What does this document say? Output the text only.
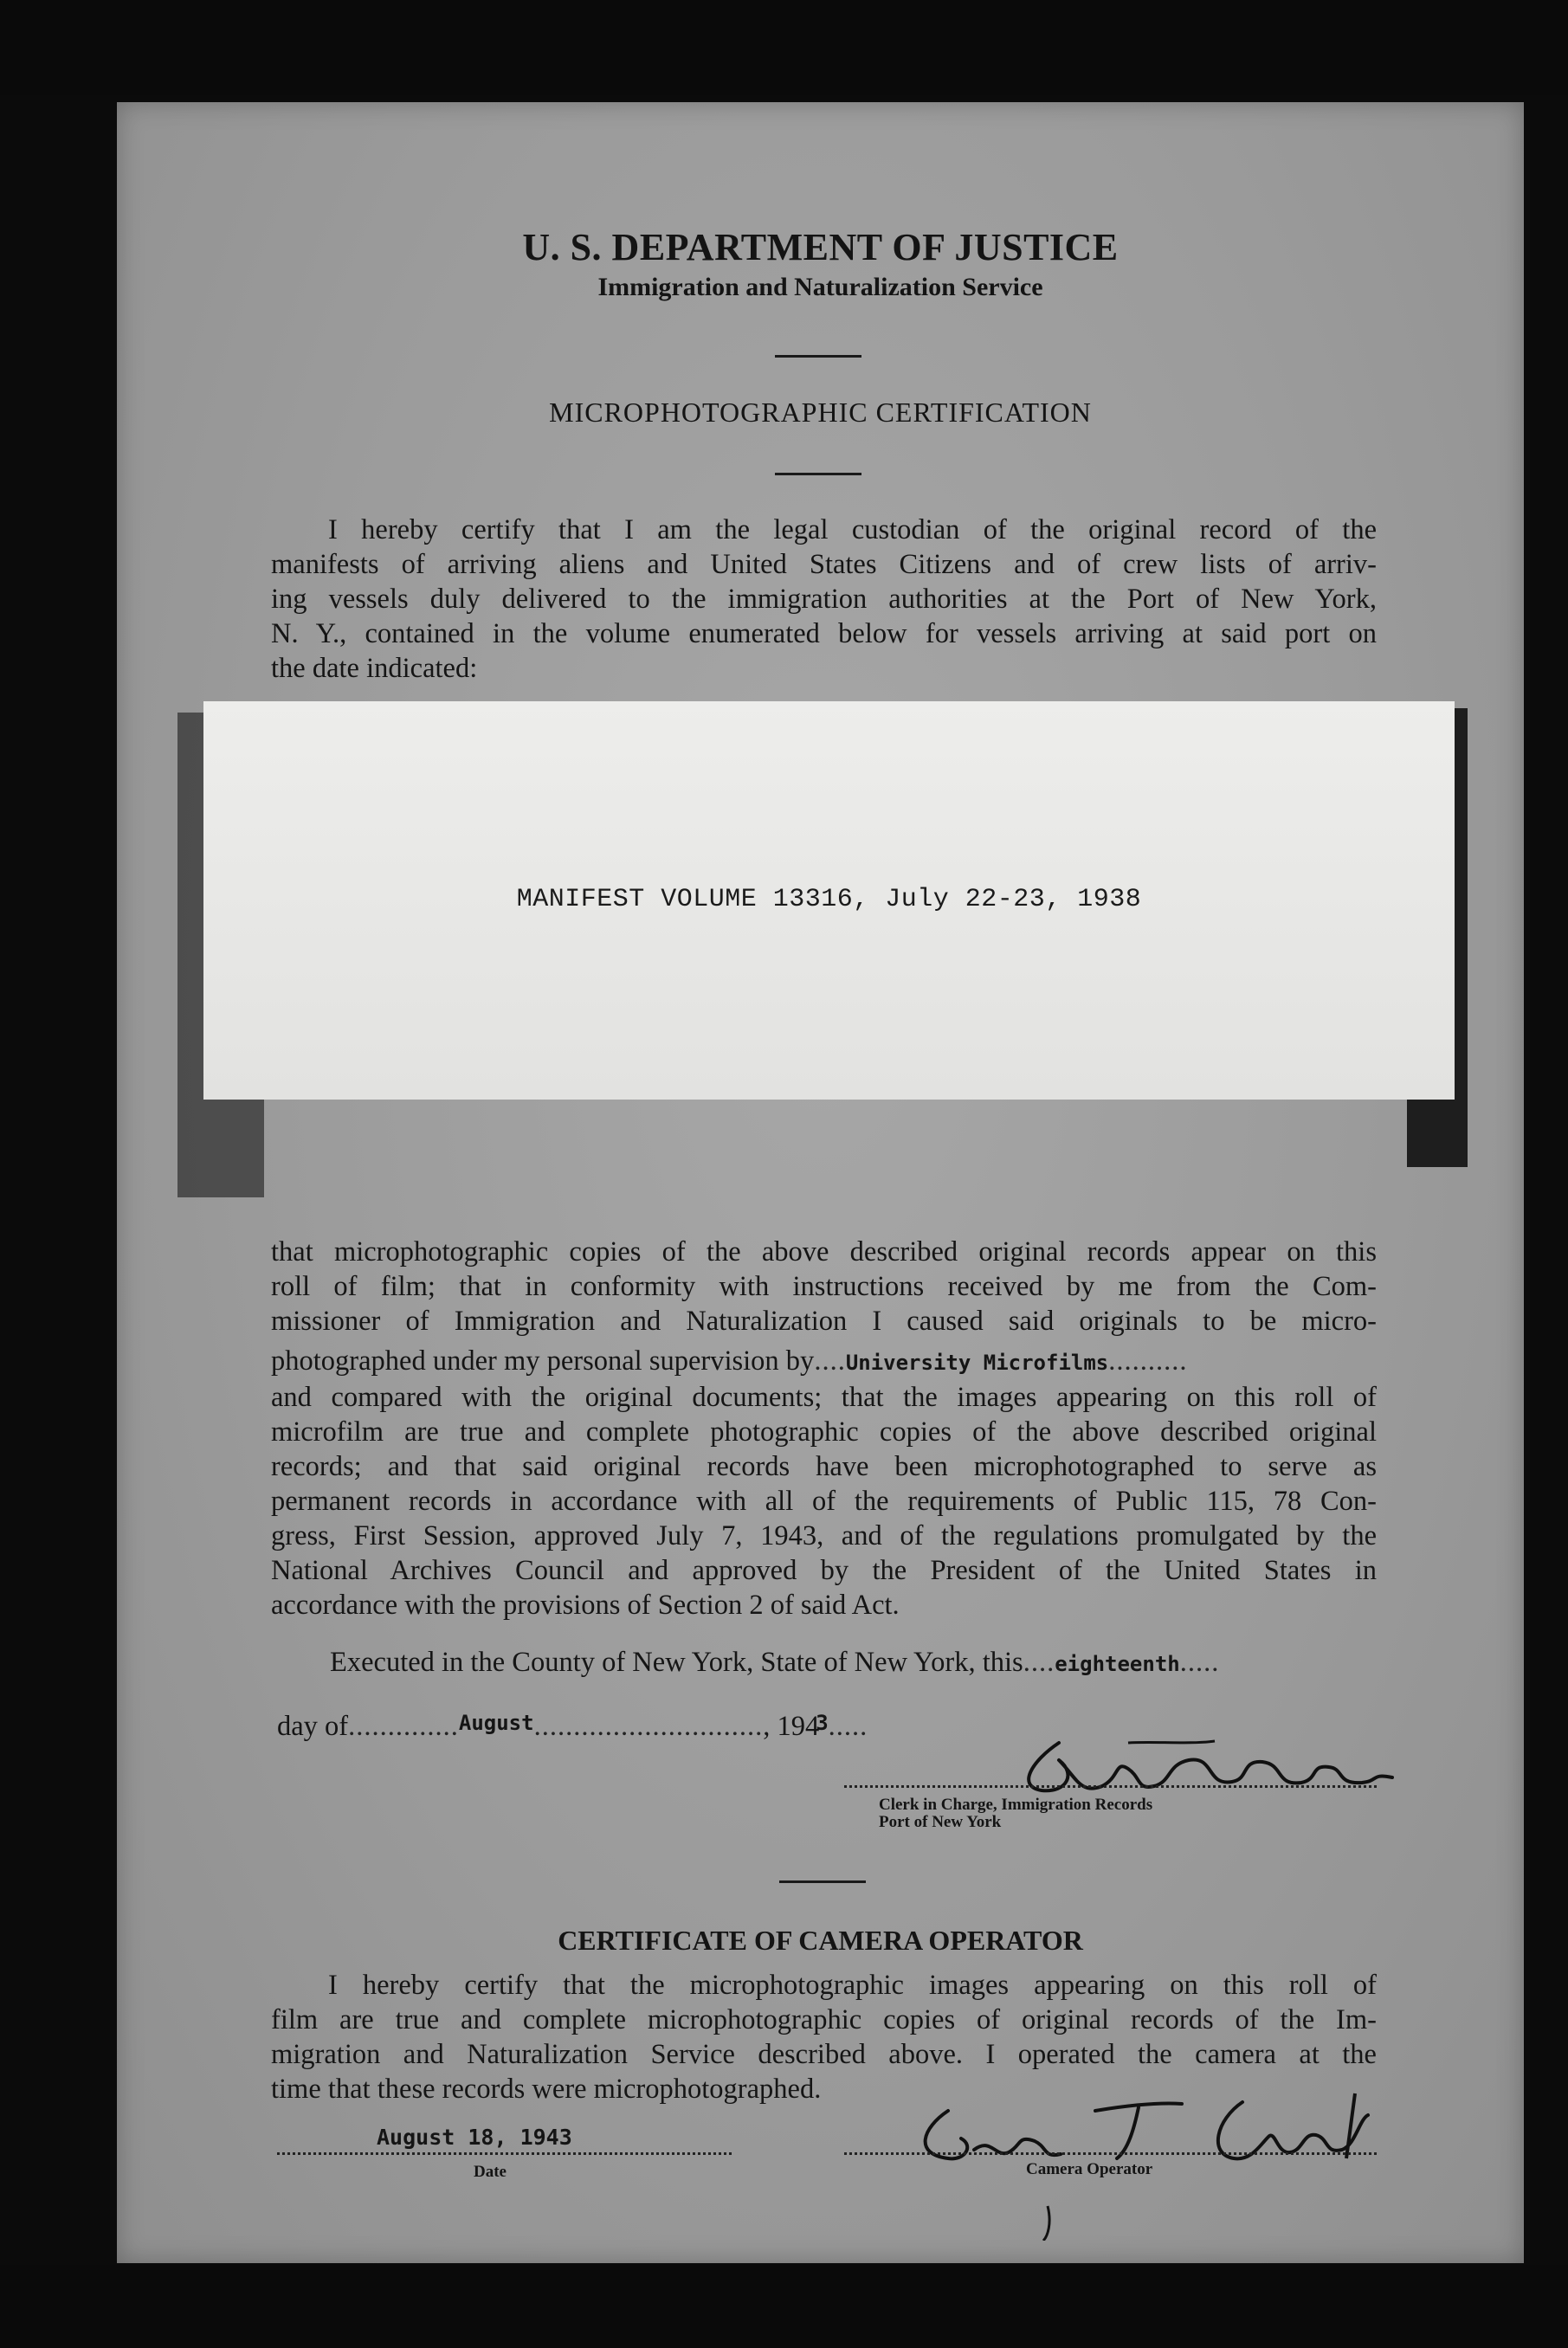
U. S. DEPARTMENT OF JUSTICE
Immigration and Naturalization Service
MICROPHOTOGRAPHIC CERTIFICATION
I hereby certify that I am the legal custodian of the original record of the
manifests of arriving aliens and United States Citizens and of crew lists of arriv-
ing vessels duly delivered to the immigration authorities at the Port of New York,
N. Y., contained in the volume enumerated below for vessels arriving at said port on
the date indicated:
MANIFEST VOLUME 13316, July 22-23, 1938
that microphotographic copies of the above described original records appear on this
roll of film; that in conformity with instructions received by me from the Com-
missioner of Immigration and Naturalization I caused said originals to be micro-
photographed under my personal supervision by....University Microfilms..........
and compared with the original documents; that the images appearing on this roll of
microfilm are true and complete photographic copies of the above described original
records; and that said original records have been microphotographed to serve as
permanent records in accordance with all of the requirements of Public 115, 78 Con-
gress, First Session, approved July 7, 1943, and of the regulations promulgated by the
National Archives Council and approved by the President of the United States in
accordance with the provisions of Section 2 of said Act.
Executed in the County of New York, State of New York, this....eighteenth.....
day of..............August............................., 1943.....
Clerk in Charge, Immigration Records
Port of New York
CERTIFICATE OF CAMERA OPERATOR
I hereby certify that the microphotographic images appearing on this roll of
film are true and complete microphotographic copies of original records of the Im-
migration and Naturalization Service described above. I operated the camera at the
time that these records were microphotographed.
August 18, 1943
Date	Camera Operator
